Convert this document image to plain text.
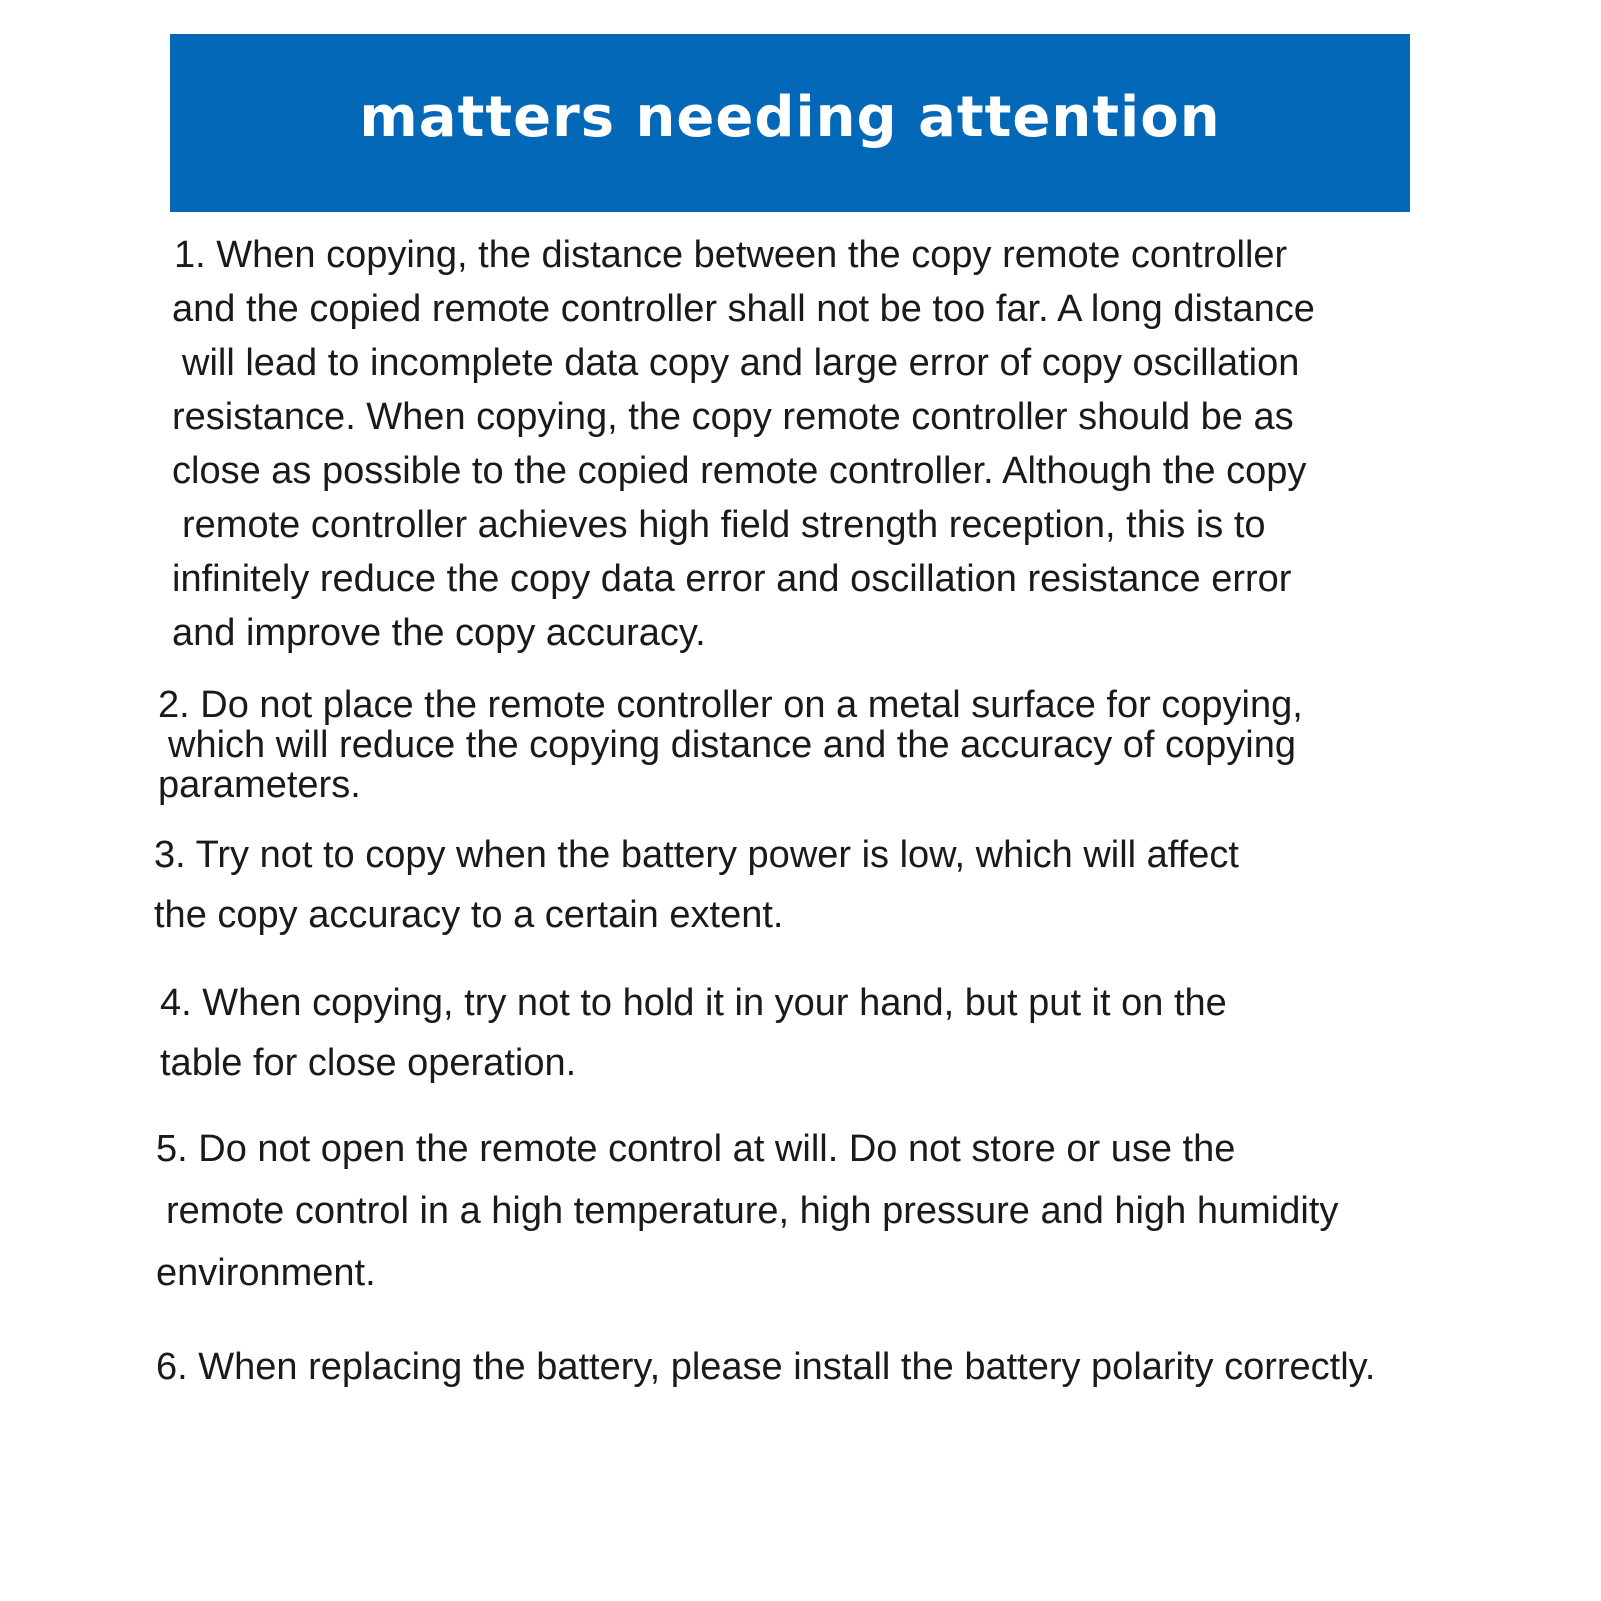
matters needing attention

1. When copying, the distance between the copy remote controller

and the copied remote controller shall not be too far. A long distance

will lead to incomplete data copy and large error of copy oscillation

resistance. When copying, the copy remote controller should be as

close as possible to the copied remote controller. Although the copy

remote controller achieves high field strength reception, this is to

infinitely reduce the copy data error and oscillation resistance error

and improve the copy accuracy.

2. Do not place the remote controller on a metal surface for copying,

which will reduce the copying distance and the accuracy of copying

parameters.

3. Try not to copy when the battery power is low, which will affect

the copy accuracy to a certain extent.

4. When copying, try not to hold it in your hand, but put it on the

table for close operation.

5. Do not open the remote control at will. Do not store or use the

remote control in a high temperature, high pressure and high humidity

environment.

6. When replacing the battery, please install the battery polarity correctly.
